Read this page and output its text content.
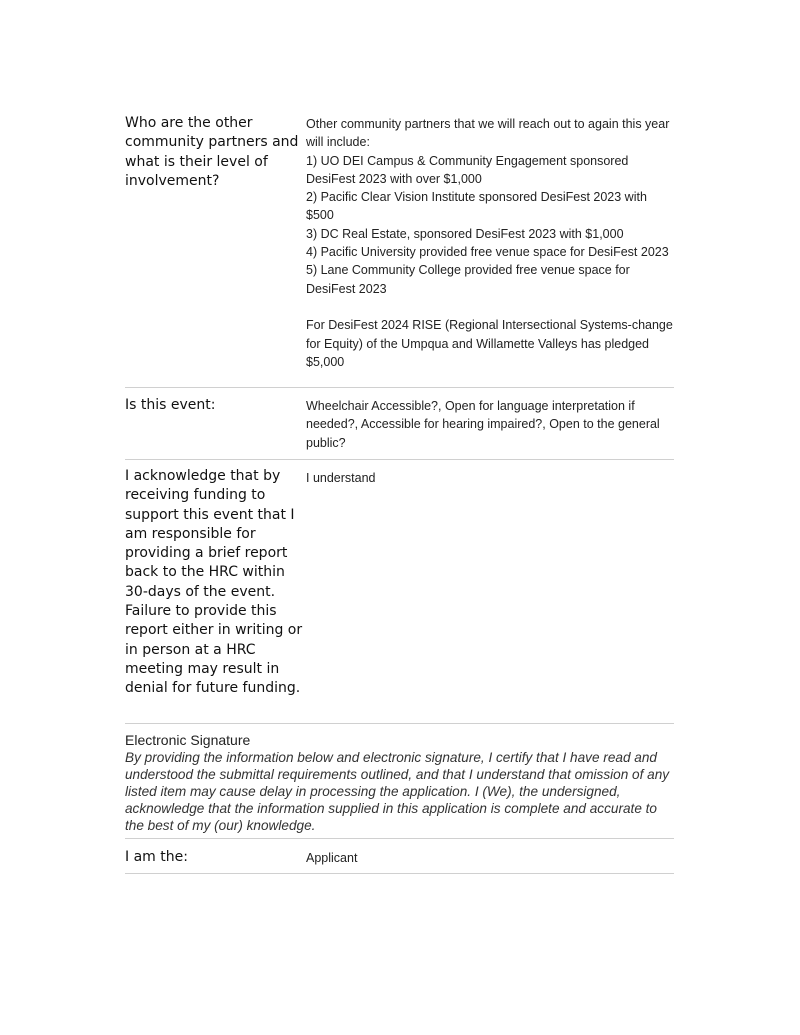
Who are the other community partners and what is their level of involvement?

Other community partners that we will reach out to again this year will include:

1) UO DEI Campus & Community Engagement sponsored DesiFest 2023 with over $1,000

2) Pacific Clear Vision Institute sponsored DesiFest 2023 with $500

3) DC Real Estate, sponsored DesiFest 2023 with $1,000

4) Pacific University provided free venue space for DesiFest 2023

5) Lane Community College provided free venue space for DesiFest 2023

For DesiFest 2024 RISE (Regional Intersectional Systems-change for Equity) of the Umpqua and Willamette Valleys has pledged $5,000

Is this event:	Wheelchair Accessible?, Open for language interpretation if needed?, Accessible for hearing impaired?, Open to the general public?
I acknowledge that by receiving funding to support this event that I am responsible for providing a brief report back to the HRC within 30-days of the event. Failure to provide this report either in writing or in person at a HRC meeting may result in denial for future funding.
I understand
Electronic Signature
By providing the information below and electronic signature, I certify that I have read and understood the submittal requirements outlined, and that I understand that omission of any listed item may cause delay in processing the application. I (We), the undersigned, acknowledge that the information supplied in this application is complete and accurate to the best of my (our) knowledge.
I am the:	Applicant
